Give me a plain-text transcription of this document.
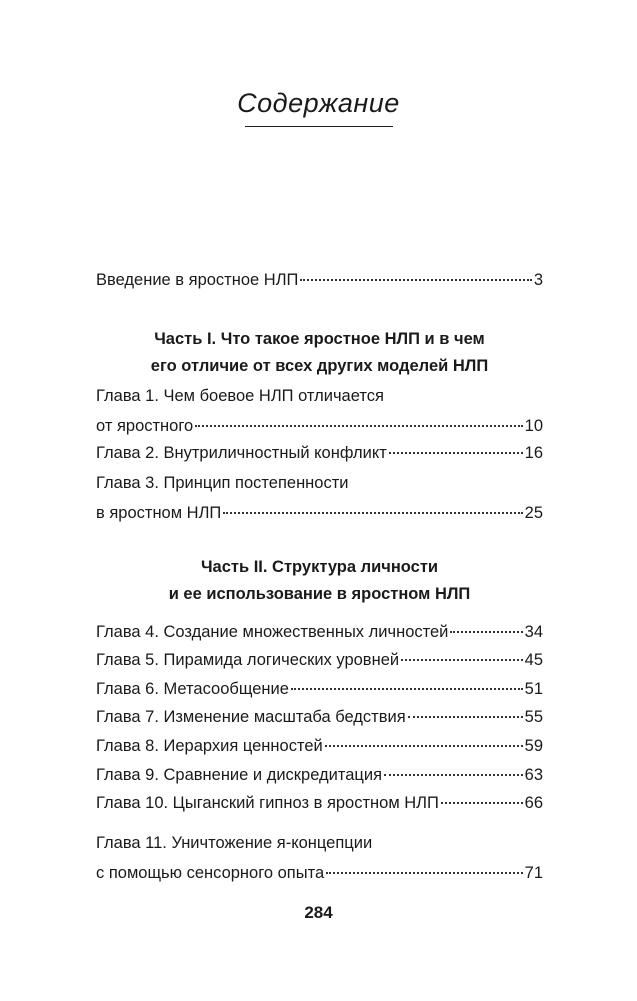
Содержание
Введение в яростное НЛП	3
Часть I. Что такое яростное НЛП и в чем
его отличие от всех других моделей НЛП
Глава 1. Чем боевое НЛП отличается
от яростного	10
Глава 2. Внутриличностный конфликт	16
Глава 3. Принцип постепенности
в яростном НЛП	25
Часть II. Структура личности
и ее использование в яростном НЛП
Глава 4. Создание множественных личностей	34
Глава 5. Пирамида логических уровней	45
Глава 6. Метасообщение	51
Глава 7. Изменение масштаба бедствия	55
Глава 8. Иерархия ценностей	59
Глава 9. Сравнение и дискредитация	63
Глава 10. Цыганский гипноз в яростном НЛП	66
Глава 11. Уничтожение я-концепции
с помощью сенсорного опыта	71
284
